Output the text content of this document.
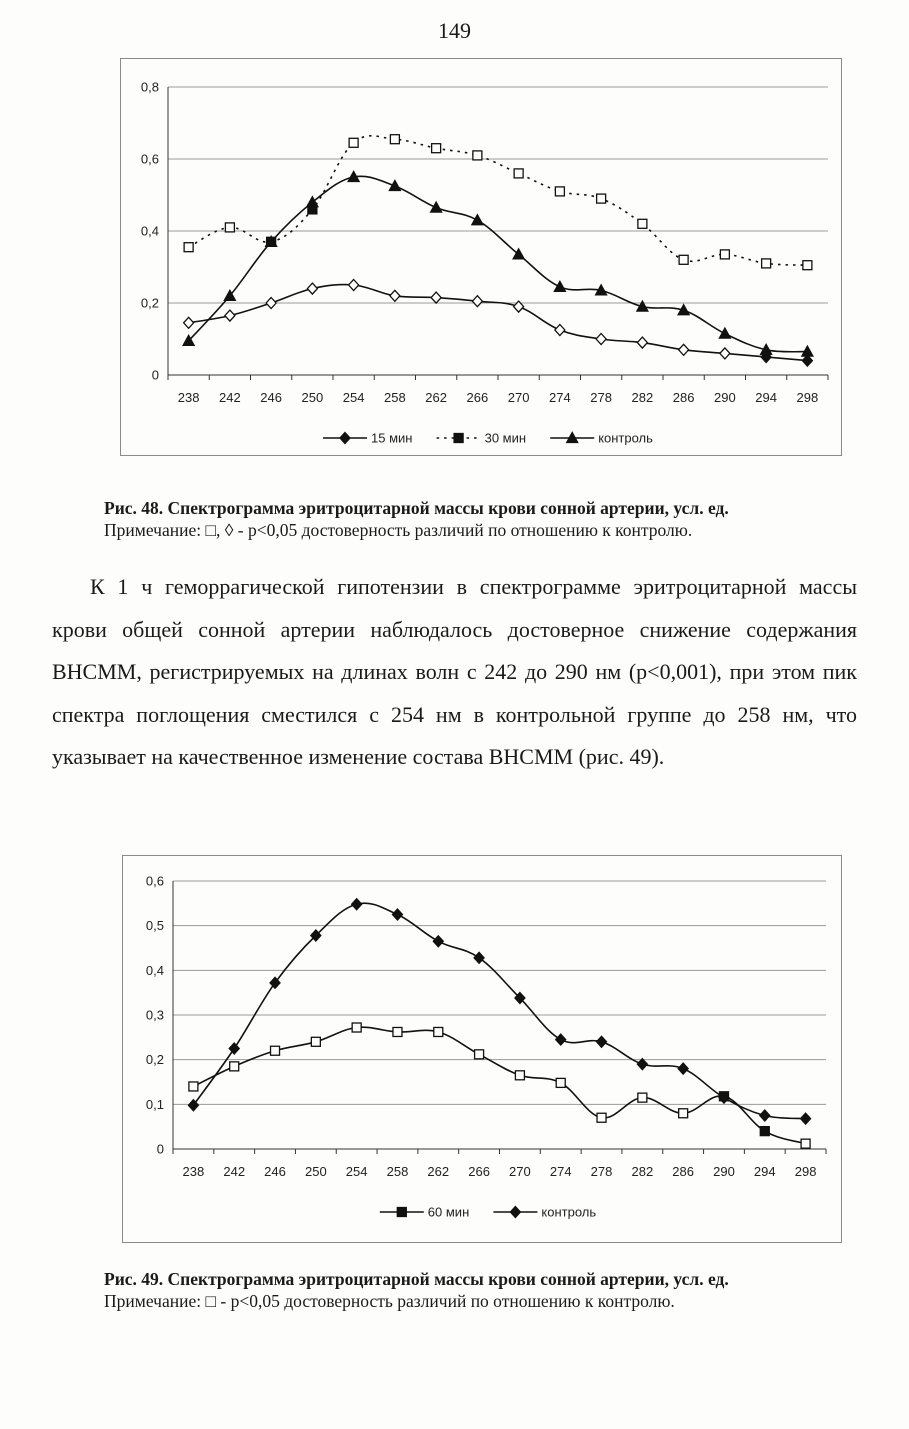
149
0
0,2
0,4
0,6
0,8
238 242 246 250 254 258 262 266 270 274 278 282 286 290 294 298
15 мин	30 мин	контроль
Рис. 48. Спектрограмма эритроцитарной массы крови сонной артерии, усл. ед.
Примечание: □, ◊ - р<0,05 достоверность различий по отношению к контролю.
К 1 ч геморрагической гипотензии в спектрограмме эритроцитарной массы крови общей сонной артерии наблюдалось достоверное снижение содержания ВНСММ, регистрируемых на длинах волн с 242 до 290 нм (р<0,001), при этом пик спектра поглощения сместился с 254 нм в контрольной группе до 258 нм, что указывает на качественное изменение состава ВНСММ (рис. 49).
0
0,1
0,2
0,3
0,4
0,5
0,6
238 242 246 250 254 258 262 266 270 274 278 282 286 290 294 298
60 мин	контроль
Рис. 49. Спектрограмма эритроцитарной массы крови сонной артерии, усл. ед.
Примечание: □ - р<0,05 достоверность различий по отношению к контролю.
